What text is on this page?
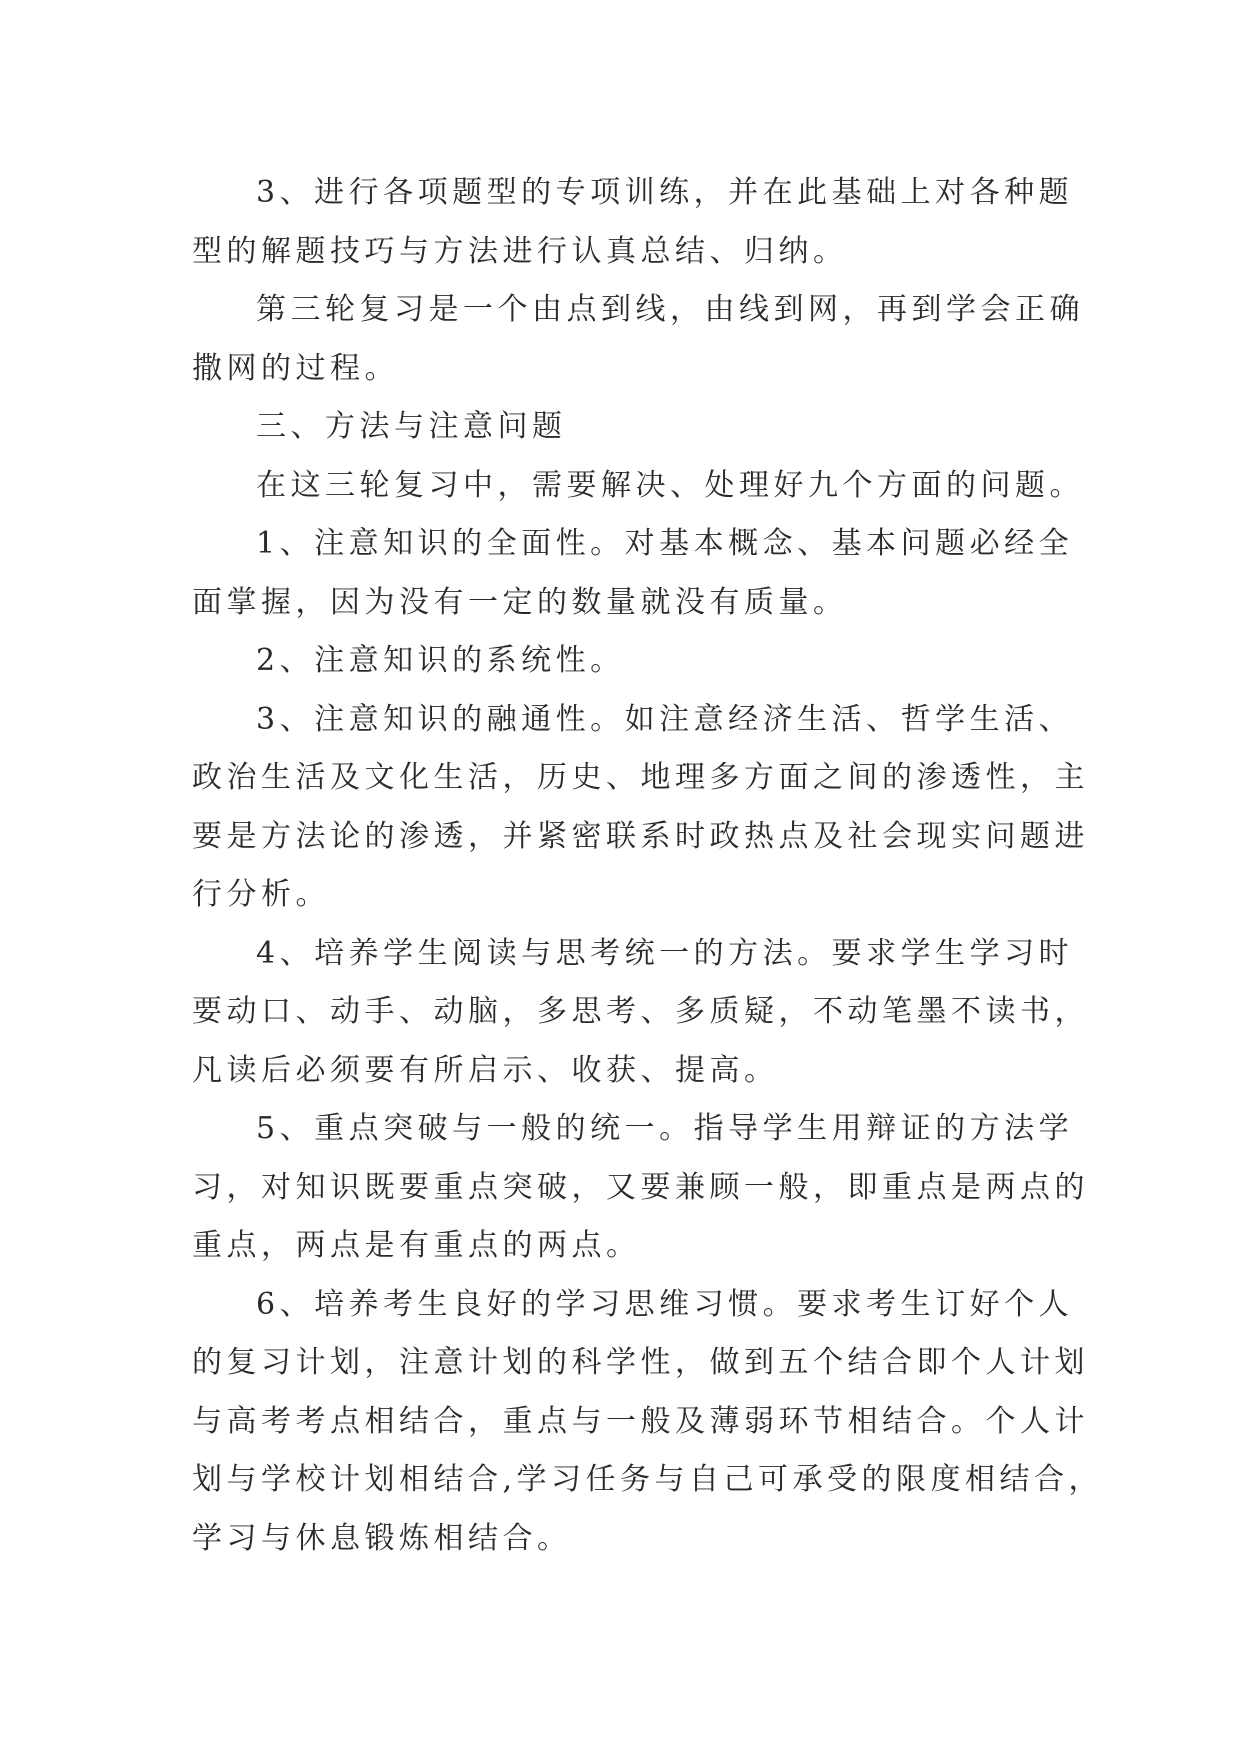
3、进行各项题型的专项训练，并在此基础上对各种题
型的解题技巧与方法进行认真总结、归纳。
第三轮复习是一个由点到线，由线到网，再到学会正确
撒网的过程。
三、方法与注意问题
在这三轮复习中，需要解决、处理好九个方面的问题。
1、注意知识的全面性。对基本概念、基本问题必经全
面掌握，因为没有一定的数量就没有质量。
2、注意知识的系统性。
3、注意知识的融通性。如注意经济生活、哲学生活、
政治生活及文化生活，历史、地理多方面之间的渗透性，主
要是方法论的渗透，并紧密联系时政热点及社会现实问题进
行分析。
4、培养学生阅读与思考统一的方法。要求学生学习时
要动口、动手、动脑，多思考、多质疑，不动笔墨不读书，
凡读后必须要有所启示、收获、提高。
5、重点突破与一般的统一。指导学生用辩证的方法学
习，对知识既要重点突破，又要兼顾一般，即重点是两点的
重点，两点是有重点的两点。
6、培养考生良好的学习思维习惯。要求考生订好个人
的复习计划，注意计划的科学性，做到五个结合即个人计划
与高考考点相结合，重点与一般及薄弱环节相结合。个人计
划与学校计划相结合,学习任务与自己可承受的限度相结合，
学习与休息锻炼相结合。
